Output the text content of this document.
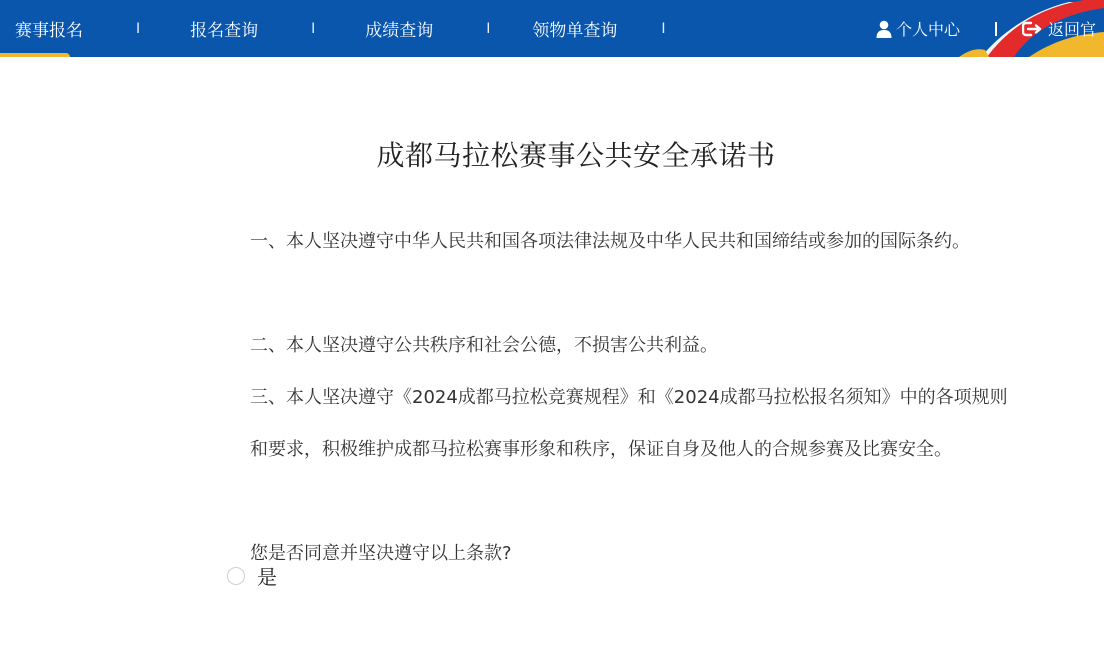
赛事报名	I	报名查询	I	成绩查询	I 领物单查询	I	个人中心	返回官
成都马拉松赛事公共安全承诺书
一、本人坚决遵守中华人民共和国各项法律法规及中华人民共和国缔结或参加的国际条约。
二、本人坚决遵守公共秩序和社会公德，不损害公共利益。
三、本人坚决遵守《2024成都马拉松竞赛规程》和《2024成都马拉松报名须知》中的各项规则和要求，积极维护成都马拉松赛事形象和秩序，保证自身及他人的合规参赛及比赛安全。
您是否同意并坚决遵守以上条款?
是
